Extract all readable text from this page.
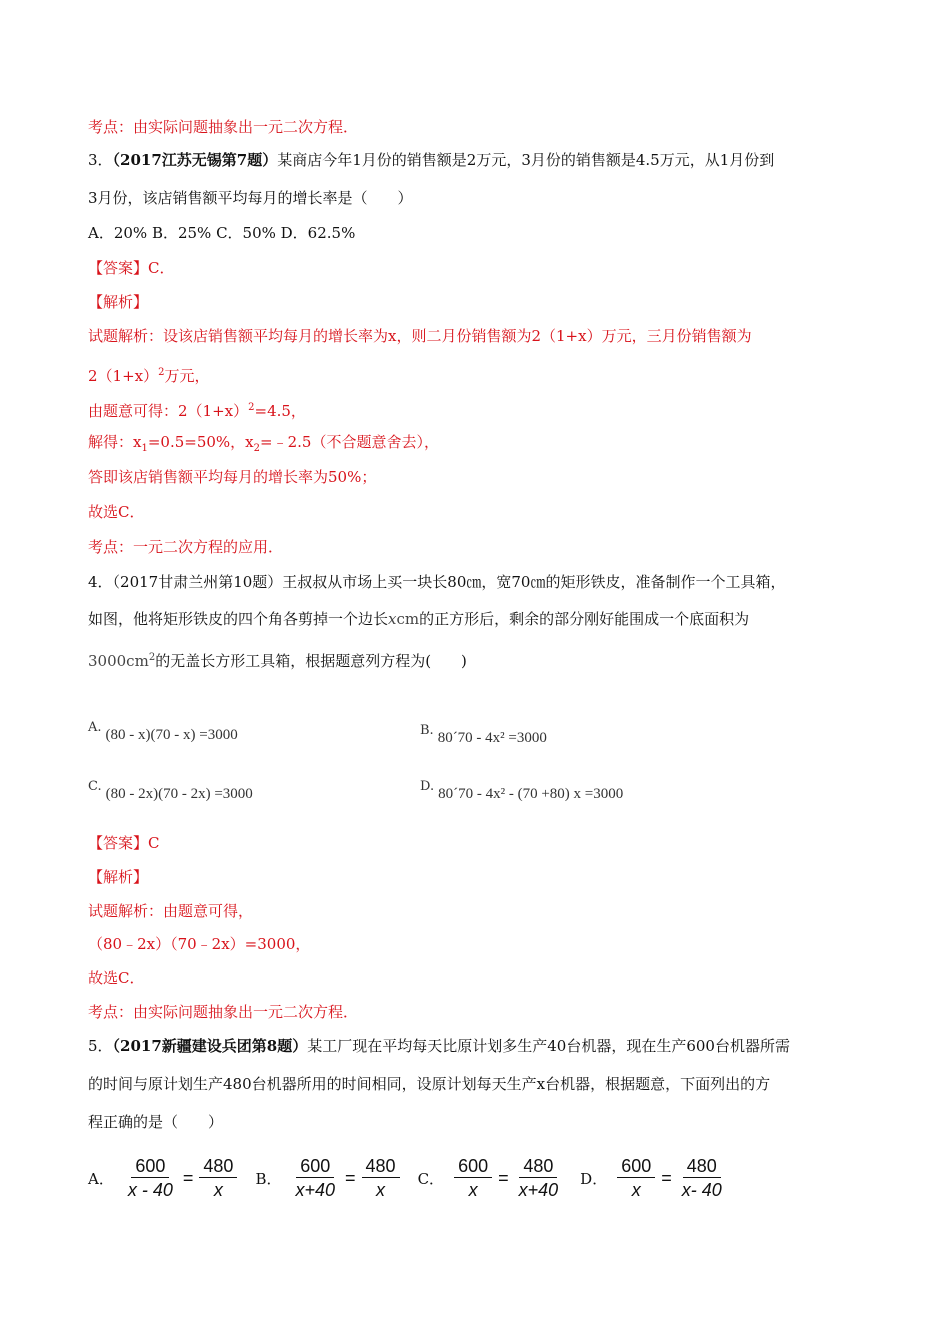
考点：由实际问题抽象出一元二次方程．
3．（2017江苏无锡第7题）某商店今年1月份的销售额是2万元，3月份的销售额是4.5万元，从1月份到
3月份，该店销售额平均每月的增长率是（　　）
A．20% B．25% C．50% D．62.5%
【答案】C．
【解析】
试题解析：设该店销售额平均每月的增长率为x，则二月份销售额为2（1+x）万元，三月份销售额为
$2(1+x)^2$万元，
由题意可得：$2(1+x)^2=4.5$，
解得：$x_1=0.5=50\%$，$x_2=﹣2.5$（不合题意舍去），
答即该店销售额平均每月的增长率为50%；
故选C．
考点：一元二次方程的应用．
4．（2017甘肃兰州第10题）王叔叔从市场上买一块长80㎝，宽70㎝的矩形铁皮，准备制作一个工具箱，
如图，他将矩形铁皮的四个角各剪掉一个边长xcm的正方形后，剩余的部分刚好能围成一个底面积为
$3000cm^2$的无盖长方形工具箱，根据题意列方程为(　　)
A. (80 - x)(70 - x) =3000	B. 80´70 - 4x² =3000
C. (80 - 2x)(70 - 2x) =3000	D. 80´70 - 4x² - (70 +80) x =3000
【答案】C
【解析】
试题解析：由题意可得，
（80﹣2x）（70﹣2x）=3000，
故选C．
考点：由实际问题抽象出一元二次方程．
5．（2017新疆建设兵团第8题）某工厂现在平均每天比原计划多生产40台机器，现在生产600台机器所需
的时间与原计划生产480台机器所用的时间相同，设原计划每天生产x台机器，根据题意，下面列出的方
程正确的是（　　）
A． $\frac{600}{x - 40} = \frac{480}{x}$ B． $\frac{600}{x+40} = \frac{480}{x}$ C． $\frac{600}{x} = \frac{480}{x+40}$ D． $\frac{600}{x} = \frac{480}{x- 40}$
